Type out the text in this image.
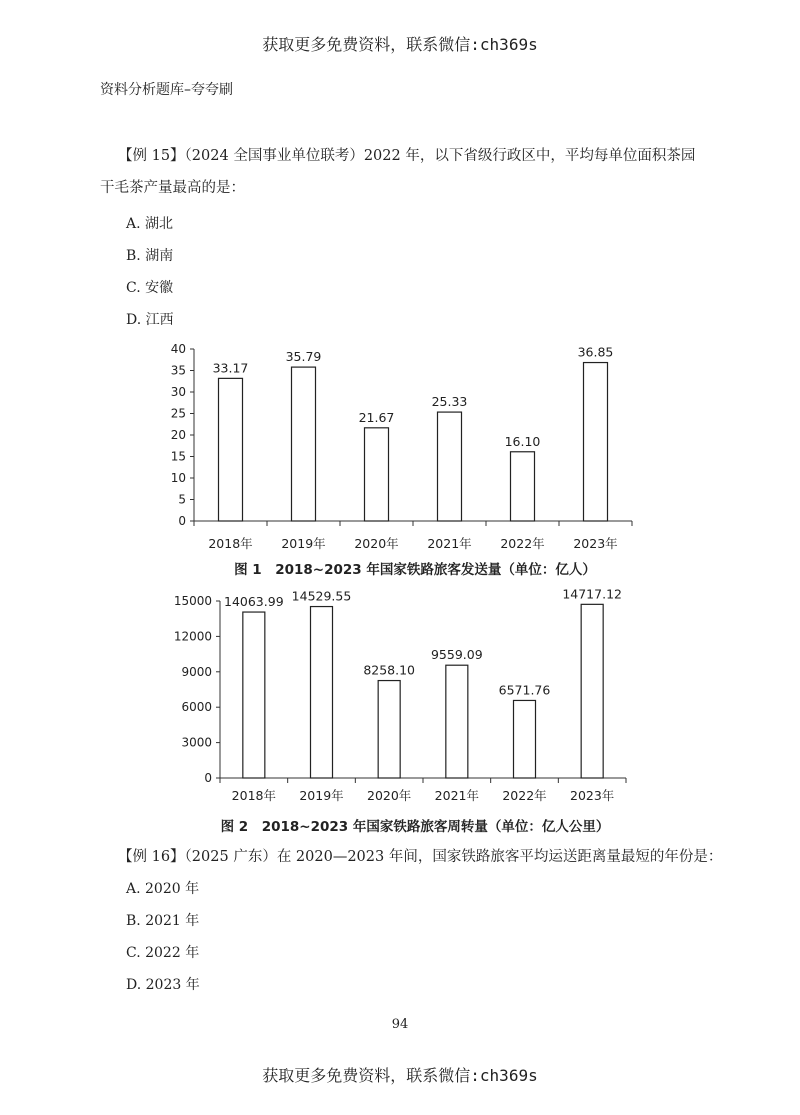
获取更多免费资料，联系微信:ch369s
资料分析题库–夸夸刷
【例 15】（2024 全国事业单位联考）2022 年，以下省级行政区中，平均每单位面积茶园
干毛茶产量最高的是：
A. 湖北
B. 湖南
C. 安徽
D. 江西
0
5
10
15
20
25
30
35
40
33.17
2018年
35.79
2019年
21.67
2020年
25.33
2021年
16.10
2022年
36.85
2023年
图 1　2018~2023 年国家铁路旅客发送量（单位：亿人）
0
3000
6000
9000
12000
15000 14063.99
2018年
14529.55
2019年
8258.10
2020年
9559.09
2021年
6571.76
2022年
14717.12
2023年
图 2　2018~2023 年国家铁路旅客周转量（单位：亿人公里）
【例 16】（2025 广东）在 2020—2023 年间，国家铁路旅客平均运送距离量最短的年份是：
A. 2020 年
B. 2021 年
C. 2022 年
D. 2023 年
94
获取更多免费资料，联系微信:ch369s
